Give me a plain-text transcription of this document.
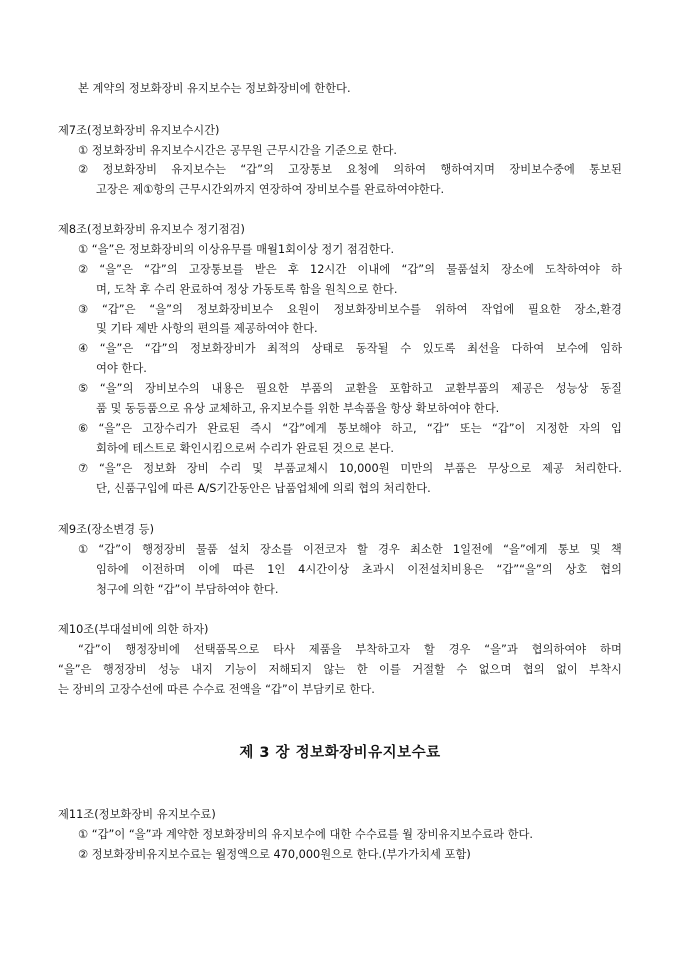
본 계약의 정보화장비 유지보수는 정보화장비에 한한다.
제7조(정보화장비 유지보수시간)
① 정보화장비 유지보수시간은 공무원 근무시간을 기준으로 한다.
② 정보화장비 유지보수는 “갑”의 고장통보 요청에 의하여 행하여지며 장비보수중에 통보된
고장은 제①항의 근무시간외까지 연장하여 장비보수를 완료하여야한다.
제8조(정보화장비 유지보수 정기점검)
① “을”은 정보화장비의 이상유무를 매월1회이상 정기 점검한다.
② “을”은 “갑”의 고장통보를 받은 후 12시간 이내에 “갑”의 물품설치 장소에 도착하여야 하
며, 도착 후 수리 완료하여 정상 가동토록 함을 원칙으로 한다.
③ “갑”은 “을”의 정보화장비보수 요원이 정보화장비보수를 위하여 작업에 필요한 장소,환경
및 기타 제반 사항의 편의를 제공하여야 한다.
④ “을”은 “갑”의 정보화장비가 최적의 상태로 동작될 수 있도록 최선을 다하여 보수에 임하
여야 한다.
⑤ “을”의 장비보수의 내용은 필요한 부품의 교환을 포함하고 교환부품의 제공은 성능상 동질
품 및 동등품으로 유상 교체하고, 유지보수를 위한 부속품을 항상 확보하여야 한다.
⑥ “을”은 고장수리가 완료된 즉시 “갑”에게 통보해야 하고, “갑” 또는 “갑”이 지정한 자의 입
회하에 테스트로 확인시킴으로써 수리가 완료된 것으로 본다.
⑦ “을”은 정보화 장비 수리 및 부품교체시 10,000원 미만의 부품은 무상으로 제공 처리한다.
단, 신품구입에 따른 A/S기간동안은 납품업체에 의뢰 협의 처리한다.
제9조(장소변경 등)
① “갑”이 행정장비 물품 설치 장소를 이전코자 할 경우 최소한 1일전에 “을”에게 통보 및 책
임하에 이전하며 이에 따른 1인 4시간이상 초과시 이전설치비용은 “갑”“을”의 상호 협의
청구에 의한 “갑”이 부담하여야 한다.
제10조(부대설비에 의한 하자)
“갑”이 행정장비에 선택품목으로 타사 제품을 부착하고자 할 경우 “을”과 협의하여야 하며
“을”은 행정장비 성능 내지 기능이 저해되지 않는 한 이를 거절할 수 없으며 협의 없이 부착시
는 장비의 고장수선에 따른 수수료 전액을 “갑”이 부담키로 한다.
제 3 장 정보화장비유지보수료
제11조(정보화장비 유지보수료)
① “갑”이 “을”과 계약한 정보화장비의 유지보수에 대한 수수료를 월 장비유지보수료라 한다.
② 정보화장비유지보수료는 월정액으로 470,000원으로 한다.(부가가치세 포함)
